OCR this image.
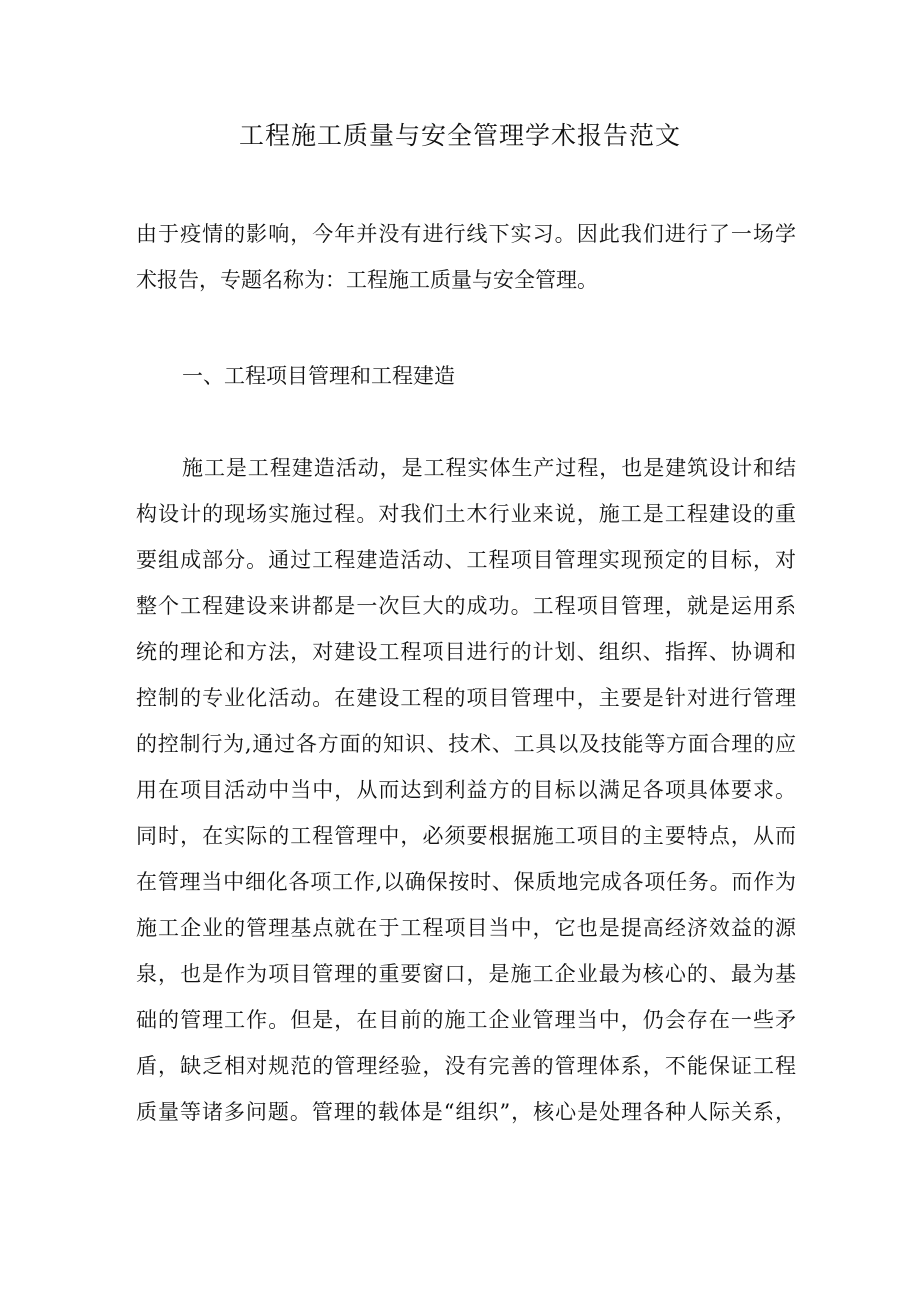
工程施工质量与安全管理学术报告范文

由于疫情的影响，今年并没有进行线下实习。因此我们进行了一场学

术报告，专题名称为：工程施工质量与安全管理。

一、工程项目管理和工程建造

施工是工程建造活动，是工程实体生产过程，也是建筑设计和结

构设计的现场实施过程。对我们土木行业来说，施工是工程建设的重

要组成部分。通过工程建造活动、工程项目管理实现预定的目标，对

整个工程建设来讲都是一次巨大的成功。工程项目管理，就是运用系

统的理论和方法，对建设工程项目进行的计划、组织、指挥、协调和

控制的专业化活动。在建设工程的项目管理中，主要是针对进行管理

的控制行为,通过各方面的知识、技术、工具以及技能等方面合理的应

用在项目活动中当中，从而达到利益方的目标以满足各项具体要求。

同时，在实际的工程管理中，必须要根据施工项目的主要特点，从而

在管理当中细化各项工作,以确保按时、保质地完成各项任务。而作为

施工企业的管理基点就在于工程项目当中，它也是提高经济效益的源

泉，也是作为项目管理的重要窗口，是施工企业最为核心的、最为基

础的管理工作。但是，在目前的施工企业管理当中，仍会存在一些矛

盾，缺乏相对规范的管理经验，没有完善的管理体系，不能保证工程

质量等诸多问题。管理的载体是“组织”，核心是处理各种人际关系，
